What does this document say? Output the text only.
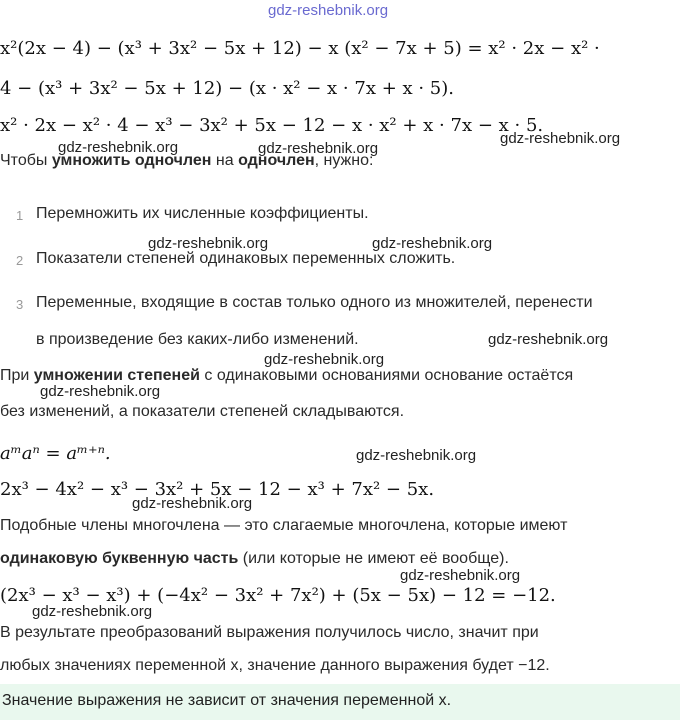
gdz-reshebnik.org
x²(2x − 4) − (x³ + 3x² − 5x + 12) − x (x² − 7x + 5) = x² · 2x − x² ·
4 − (x³ + 3x² − 5x + 12) − (x · x² − x · 7x + x · 5).
x² · 2x − x² · 4 − x³ − 3x² + 5x − 12 − x · x² + x · 7x − x · 5.
Чтобы умножить одночлен на одночлен, нужно:
1 Перемножить их численные коэффициенты.
2 Показатели степеней одинаковых переменных сложить.
3 Переменные, входящие в состав только одного из множителей, перенести
в произведение без каких-либо изменений.
При умножении степеней с одинаковыми основаниями основание остаётся
без изменений, а показатели степеней складываются.
aᵐaⁿ = aᵐ⁺ⁿ.
2x³ − 4x² − x³ − 3x² + 5x − 12 − x³ + 7x² − 5x.
Подобные члены многочлена — это слагаемые многочлена, которые имеют
одинаковую буквенную часть (или которые не имеют её вообще).
(2x³ − x³ − x³) + (−4x² − 3x² + 7x²) + (5x − 5x) − 12 = −12.
В результате преобразований выражения получилось число, значит при
любых значениях переменной x, значение данного выражения будет −12.
Значение выражения не зависит от значения переменной x.
gdz-reshebnik.org
gdz-reshebnik.org
gdz-reshebnik.org
gdz-reshebnik.org	gdz-reshebnik.org
gdz-reshebnik.org
gdz-reshebnik.org
gdz-reshebnik.org
gdz-reshebnik.org
gdz-reshebnik.org
gdz-reshebnik.org
gdz-reshebnik.org
